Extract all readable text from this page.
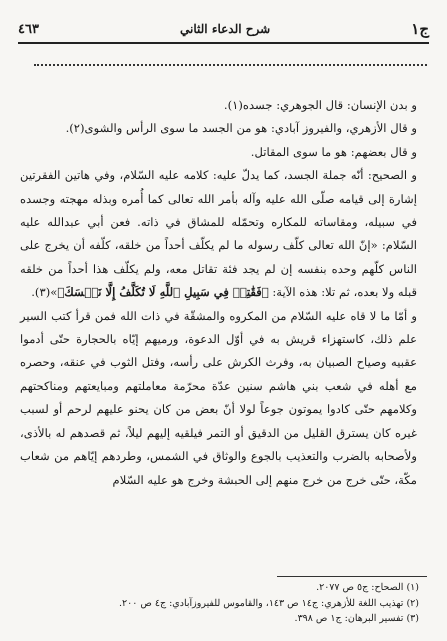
ج١
شرح الدعاء الثاني
٤٦٣

و بدن الإنسان: قال الجوهري: جسده(١).

و قال الأزهري، والفيروز آبادي: هو من الجسد ما سوى الرأس والشوى(٢).

و قال بعضهم: هو ما سوى المقاتل.

و الصحيح: أنّه جملة الجسد، كما يدلّ عليه: كلامه عليه السّلام، وفي هاتين الفقرتين إشارة إلى قيامه صلّى الله عليه وآله بأمر الله تعالى كما أُمره وبذله مهجته وجسده في سبيله، ومقاساته للمكاره وتحمّله للمشاق في ذاته. فعن أبي عبدالله عليه السّلام: «إنّ الله تعالى كلّف رسوله ما لم يكلّف أحداً من خلقه، كلّفه أن يخرج على الناس كلّهم وحده بنفسه إن لم يجد فئة تقاتل معه، ولم يكلّف هذا أحداً من خلقه قبله ولا بعده، ثم تلا: هذه الآية: ﴿فَقَٰتِلۡ فِي سَبِيلِ ٱللَّهِ لَا تُكَلَّفُ إِلَّا نَفۡسَكَ﴾»(٣).

و أمّا ما لا قاه عليه السّلام من المكروه والمشقّة في ذات الله فمن قرأ كتب السير علم ذلك، كاستهزاء قريش به في أوّل الدعوة، ورميهم إيّاه بالحجارة حتّى أدموا عقبيه وصياح الصبيان به، وفرث الكرش على رأسه، وفتل الثوب في عنقه، وحصره مع أهله في شعب بني هاشم سنين عدّة محرّمة معاملتهم ومبايعتهم ومناكحتهم وكلامهم حتّى كادوا يموتون جوعاً لولا أنّ بعض من كان يحنو عليهم لرحم أو لسبب غيره كان يسترق القليل من الدقيق أو التمر فيلقيه إليهم ليلاً، ثم قصدهم له بالأذى، ولأصحابه بالضرب والتعذيب بالجوع والوثاق في الشمس، وطردهم إيّاهم من شعاب مكّة، حتّى خرج من خرج منهم إلى الحبشة وخرج هو عليه السّلام

(١) الصحاح: ج٥ ص ٢٠٧٧.
(٢) تهذيب اللغة للأزهري: ج١٤ ص ١٤٣، والقاموس للفيروزآبادي: ج٤ ص ٢٠٠.
(٣) تفسير البرهان: ج١ ص ٣٩٨.
